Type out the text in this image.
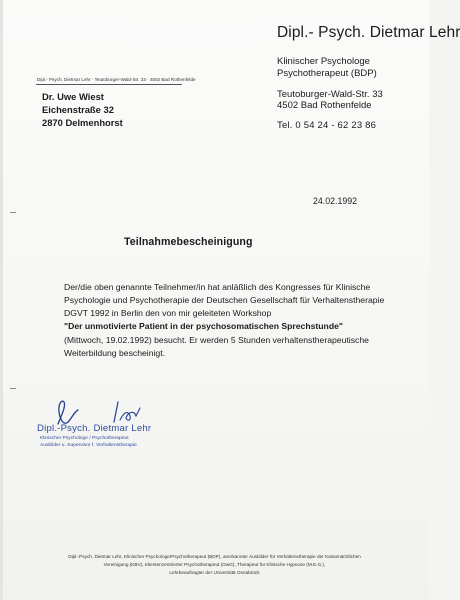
Dipl.- Psych. Dietmar Lehr
Klinischer Psychologe
Psychotherapeut (BDP)
Teutoburger-Wald-Str. 33
4502 Bad Rothenfelde
Tel. 0 54 24 - 62 23 86
Dipl.- Psych. Dietmar Lehr · Teutoburger-Wald-Str. 33 · 4502 Bad Rothenfelde
Dr. Uwe Wiest
Eichenstraße 32
2870 Delmenhorst
24.02.1992
Teilnahmebescheinigung
Der/die oben genannte Teilnehmer/in hat anläßlich des Kongresses für Klinische
Psychologie und Psychotherapie der Deutschen Gesellschaft für Verhaltenstherapie
DGVT 1992 in Berlin den von mir geleiteten Workshop
"Der unmotivierte Patient in der psychosomatischen Sprechstunde"
(Mittwoch, 19.02.1992) besucht. Er werden 5 Stunden verhaltenstherapeutische
Weiterbildung bescheinigt.
Dipl.-Psych. Dietmar Lehr
Klinischer Psychologe / Psychotherapeut
Ausbilder u. Supervisor f. Verhaltenstherapie
Dipl.-Psych. Dietmar Lehr, Klinischer Psychologe/Psychotherapeut (BDP), anerkannter Ausbilder für Verhaltenstherapie der Kassenärztlichen
Vereinigung (KBV), Klientenzentrierter Psychotherapeut (GwG), Therapeut für Klinische Hypnose (M.E.G.),
Lehrbeauftragter der Universität Osnabrück
